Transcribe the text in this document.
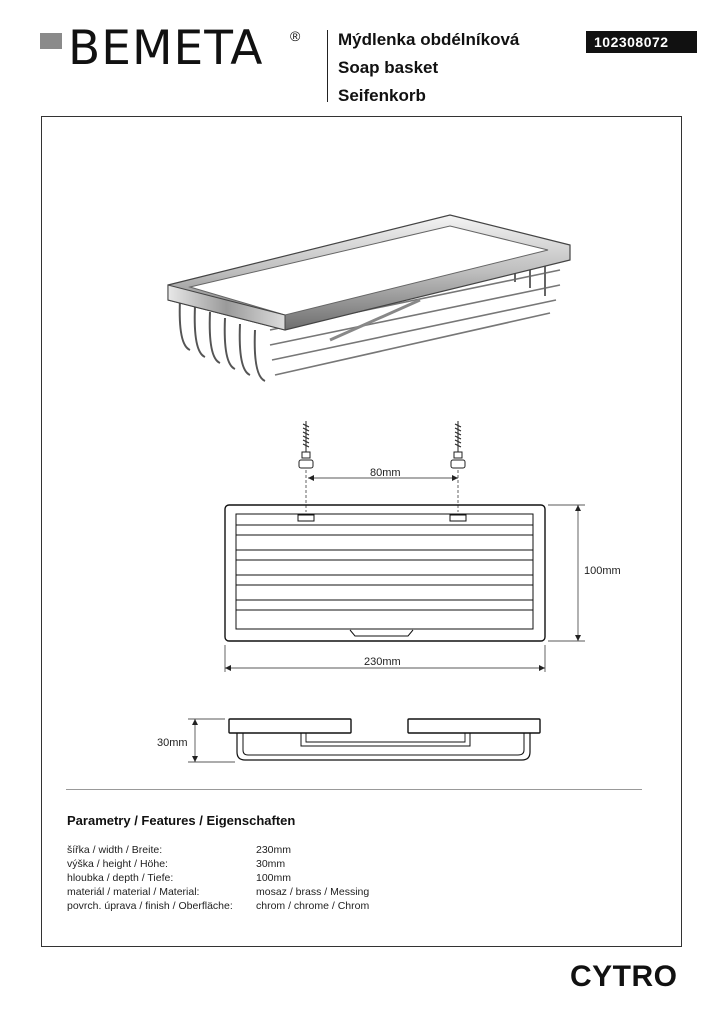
BEMETA ® Mýdlenka obdélníková
Soap basket
Seifenkorb
102308072
80mm
100mm
230mm
30mm
Parametry / Features / Eigenschaften
šířka / width / Breite:	230mm
výška / height / Höhe:	30mm
hloubka / depth / Tiefe:	100mm
materiál / material / Material:	mosaz / brass / Messing
povrch. úprava / finish / Oberfläche:	chrom / chrome / Chrom
CYTRO
